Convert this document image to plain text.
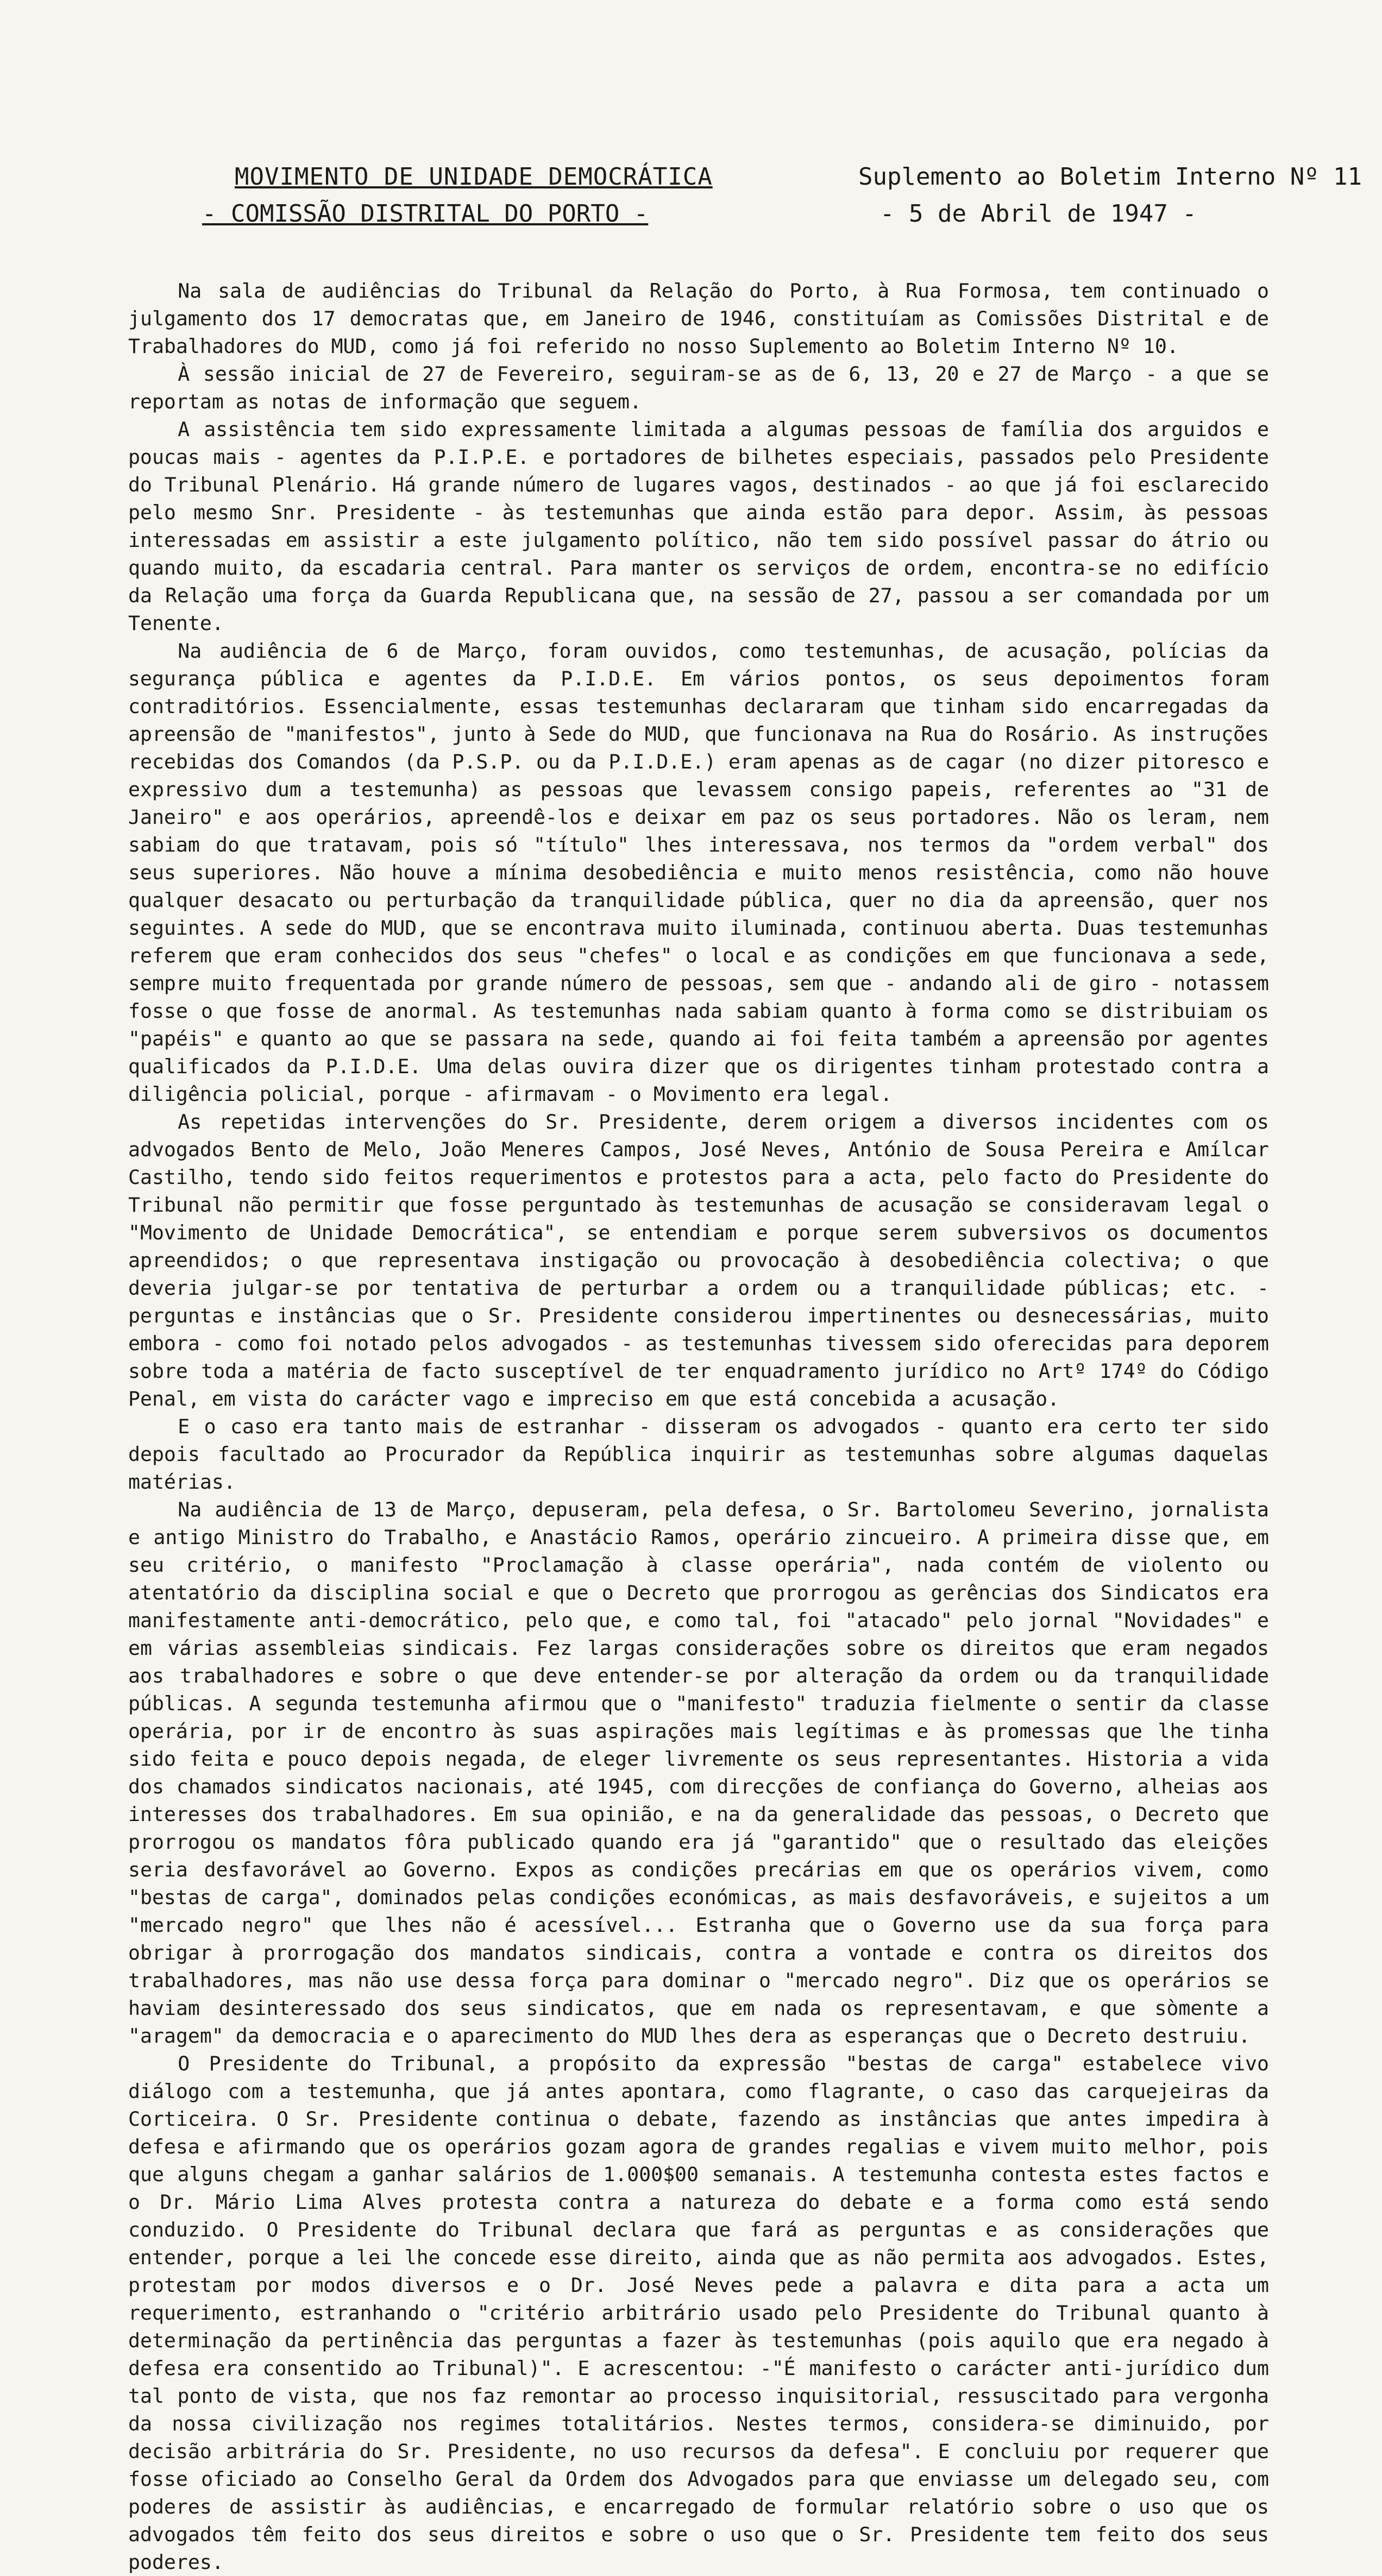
MOVIMENTO DE UNIDADE DEMOCRÁTICA
- COMISSÃO DISTRITAL DO PORTO -
Suplemento ao Boletim Interno Nº 11
- 5 de Abril de 1947 -

Na sala de audiências do Tribunal da Relação do Porto, à Rua Formosa, tem continuado o julgamento dos 17 democratas que, em Janeiro de 1946, constituíam as Comissões Distrital e de Trabalhadores do MUD, como já foi referido no nosso Suplemento ao Boletim Interno Nº 10.

À sessão inicial de 27 de Fevereiro, seguiram-se as de 6, 13, 20 e 27 de Março - a que se reportam as notas de informação que seguem.

A assistência tem sido expressamente limitada a algumas pessoas de família dos arguidos e poucas mais - agentes da P.I.P.E. e portadores de bilhetes especiais, passados pelo Presidente do Tribunal Plenário. Há grande número de lugares vagos, destinados - ao que já foi esclarecido pelo mesmo Snr. Presidente - às testemunhas que ainda estão para depor. Assim, às pessoas interessadas em assistir a este julgamento político, não tem sido possível passar do átrio ou quando muito, da escadaria central. Para manter os serviços de ordem, encontra-se no edifício da Relação uma força da Guarda Republicana que, na sessão de 27, passou a ser comandada por um Tenente.

Na audiência de 6 de Março, foram ouvidos, como testemunhas, de acusação, polícias da segurança pública e agentes da P.I.D.E. Em vários pontos, os seus depoimentos foram contraditórios. Essencialmente, essas testemunhas declararam que tinham sido encarregadas da apreensão de "manifestos", junto à Sede do MUD, que funcionava na Rua do Rosário. As instruções recebidas dos Comandos (da P.S.P. ou da P.I.D.E.) eram apenas as de cagar (no dizer pitoresco e expressivo dum a testemunha) as pessoas que levassem consigo papeis, referentes ao "31 de Janeiro" e aos operários, apreendê-los e deixar em paz os seus portadores. Não os leram, nem sabiam do que tratavam, pois só "título" lhes interessava, nos termos da "ordem verbal" dos seus superiores. Não houve a mínima desobediência e muito menos resistência, como não houve qualquer desacato ou perturbação da tranquilidade pública, quer no dia da apreensão, quer nos seguintes. A sede do MUD, que se encontrava muito iluminada, continuou aberta. Duas testemunhas referem que eram conhecidos dos seus "chefes" o local e as condições em que funcionava a sede, sempre muito frequentada por grande número de pessoas, sem que - andando ali de giro - notassem fosse o que fosse de anormal. As testemunhas nada sabiam quanto à forma como se distribuiam os "papéis" e quanto ao que se passara na sede, quando ai foi feita também a apreensão por agentes qualificados da P.I.D.E. Uma delas ouvira dizer que os dirigentes tinham protestado contra a diligência policial, porque - afirmavam - o Movimento era legal.

As repetidas intervenções do Sr. Presidente, derem origem a diversos incidentes com os advogados Bento de Melo, João Meneres Campos, José Neves, António de Sousa Pereira e Amílcar Castilho, tendo sido feitos requerimentos e protestos para a acta, pelo facto do Presidente do Tribunal não permitir que fosse perguntado às testemunhas de acusação se consideravam legal o "Movimento de Unidade Democrática", se entendiam e porque serem subversivos os documentos apreendidos; o que representava instigação ou provocação à desobediência colectiva; o que deveria julgar-se por tentativa de perturbar a ordem ou a tranquilidade públicas; etc. - perguntas e instâncias que o Sr. Presidente considerou impertinentes ou desnecessárias, muito embora - como foi notado pelos advogados - as testemunhas tivessem sido oferecidas para deporem sobre toda a matéria de facto susceptível de ter enquadramento jurídico no Artº 174º do Código Penal, em vista do carácter vago e impreciso em que está concebida a acusação.

E o caso era tanto mais de estranhar - disseram os advogados - quanto era certo ter sido depois facultado ao Procurador da República inquirir as testemunhas sobre algumas daquelas matérias.

Na audiência de 13 de Março, depuseram, pela defesa, o Sr. Bartolomeu Severino, jornalista e antigo Ministro do Trabalho, e Anastácio Ramos, operário zincueiro. A primeira disse que, em seu critério, o manifesto "Proclamação à classe operária", nada contém de violento ou atentatório da disciplina social e que o Decreto que prorrogou as gerências dos Sindicatos era manifestamente anti-democrático, pelo que, e como tal, foi "atacado" pelo jornal "Novidades" e em várias assembleias sindicais. Fez largas considerações sobre os direitos que eram negados aos trabalhadores e sobre o que deve entender-se por alteração da ordem ou da tranquilidade públicas. A segunda testemunha afirmou que o "manifesto" traduzia fielmente o sentir da classe operária, por ir de encontro às suas aspirações mais legítimas e às promessas que lhe tinha sido feita e pouco depois negada, de eleger livremente os seus representantes. Historia a vida dos chamados sindicatos nacionais, até 1945, com direcções de confiança do Governo, alheias aos interesses dos trabalhadores. Em sua opinião, e na da generalidade das pessoas, o Decreto que prorrogou os mandatos fôra publicado quando era já "garantido" que o resultado das eleições seria desfavorável ao Governo. Expos as condições precárias em que os operários vivem, como "bestas de carga", dominados pelas condições económicas, as mais desfavoráveis, e sujeitos a um "mercado negro" que lhes não é acessível... Estranha que o Governo use da sua força para obrigar à prorrogação dos mandatos sindicais, contra a vontade e contra os direitos dos trabalhadores, mas não use dessa força para dominar o "mercado negro". Diz que os operários se haviam desinteressado dos seus sindicatos, que em nada os representavam, e que sòmente a "aragem" da democracia e o aparecimento do MUD lhes dera as esperanças que o Decreto destruiu.

O Presidente do Tribunal, a propósito da expressão "bestas de carga" estabelece vivo diálogo com a testemunha, que já antes apontara, como flagrante, o caso das carquejeiras da Corticeira. O Sr. Presidente continua o debate, fazendo as instâncias que antes impedira à defesa e afirmando que os operários gozam agora de grandes regalias e vivem muito melhor, pois que alguns chegam a ganhar salários de 1.000$00 semanais. A testemunha contesta estes factos e o Dr. Mário Lima Alves protesta contra a natureza do debate e a forma como está sendo conduzido. O Presidente do Tribunal declara que fará as perguntas e as considerações que entender, porque a lei lhe concede esse direito, ainda que as não permita aos advogados. Estes, protestam por modos diversos e o Dr. José Neves pede a palavra e dita para a acta um requerimento, estranhando o "critério arbitrário usado pelo Presidente do Tribunal quanto à determinação da pertinência das perguntas a fazer às testemunhas (pois aquilo que era negado à defesa era consentido ao Tribunal)". E acrescentou: -"É manifesto o carácter anti-jurídico dum tal ponto de vista, que nos faz remontar ao processo inquisitorial, ressuscitado para vergonha da nossa civilização nos regimes totalitários. Nestes termos, considera-se diminuido, por decisão arbitrária do Sr. Presidente, no uso recursos da defesa". E concluiu por requerer que fosse oficiado ao Conselho Geral da Ordem dos Advogados para que enviasse um delegado seu, com poderes de assistir às audiências, e encarregado de formular relatório sobre o uso que os advogados têm feito dos seus direitos e sobre o uso que o Sr. Presidente tem feito dos seus poderes.
